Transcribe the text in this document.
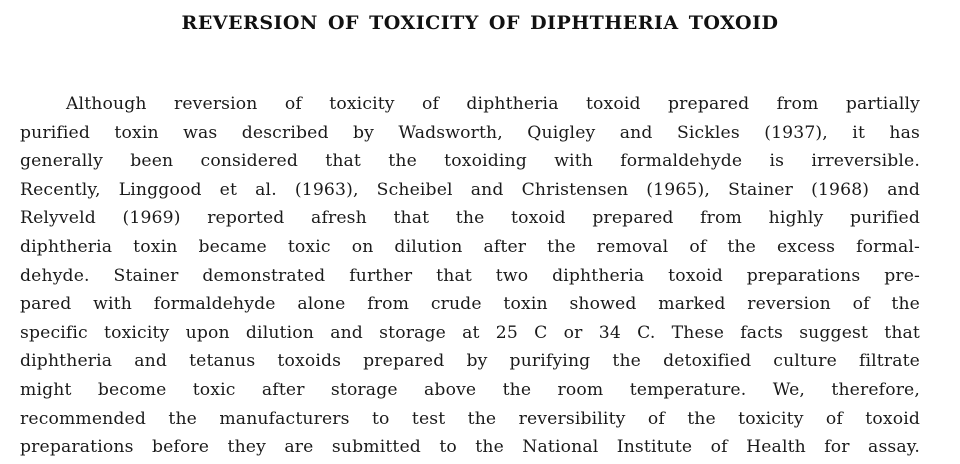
REVERSION OF TOXICITY OF DIPHTHERIA TOXOID

Although reversion of toxicity of diphtheria toxoid prepared from partially
purified toxin was described by Wadsworth, Quigley and Sickles (1937), it has
generally been considered that the toxoiding with formaldehyde is irreversible.
Recently, Linggood et al. (1963), Scheibel and Christensen (1965), Stainer (1968) and
Relyveld (1969) reported afresh that the toxoid prepared from highly purified
diphtheria toxin became toxic on dilution after the removal of the excess formal-
dehyde. Stainer demonstrated further that two diphtheria toxoid preparations pre-
pared with formaldehyde alone from crude toxin showed marked reversion of the
specific toxicity upon dilution and storage at 25 C or 34 C. These facts suggest that
diphtheria and tetanus toxoids prepared by purifying the detoxified culture filtrate
might become toxic after storage above the room temperature. We, therefore,
recommended the manufacturers to test the reversibility of the toxicity of toxoid
preparations before they are submitted to the National Institute of Health for assay.
